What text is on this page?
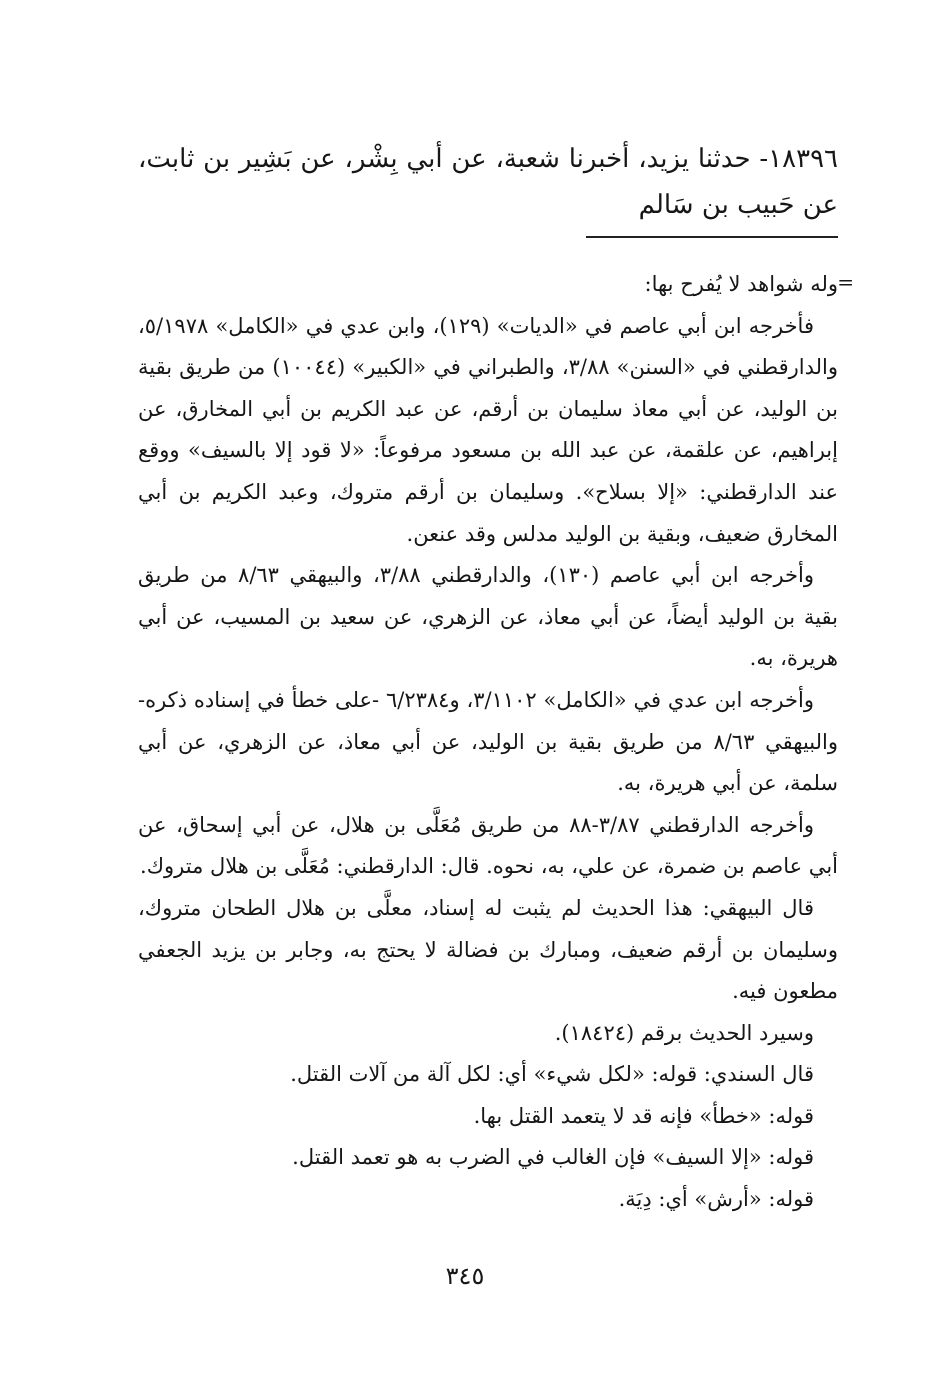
١٨٣٩٦- حدثنا يزيد، أخبرنا شعبة، عن أبي بِشْر، عن بَشِير بن ثابت، عن حَبيب بن سَالم
=

وله شواهد لا يُفرح بها:

فأخرجه ابن أبي عاصم في «الديات» (١٢٩)، وابن عدي في «الكامل» ٥/١٩٧٨، والدارقطني في «السنن» ٣/٨٨، والطبراني في «الكبير» (١٠٠٤٤) من طريق بقية بن الوليد، عن أبي معاذ سليمان بن أرقم، عن عبد الكريم بن أبي المخارق، عن إبراهيم، عن علقمة، عن عبد الله بن مسعود مرفوعاً: «لا قود إلا بالسيف» ووقع عند الدارقطني: «إلا بسلاح». وسليمان بن أرقم متروك، وعبد الكريم بن أبي المخارق ضعيف، وبقية بن الوليد مدلس وقد عنعن.

وأخرجه ابن أبي عاصم (١٣٠)، والدارقطني ٣/٨٨، والبيهقي ٨/٦٣ من طريق بقية بن الوليد أيضاً، عن أبي معاذ، عن الزهري، عن سعيد بن المسيب، عن أبي هريرة، به.

وأخرجه ابن عدي في «الكامل» ٣/١١٠٢، و٦/٢٣٨٤ -على خطأ في إسناده ذكره- والبيهقي ٨/٦٣ من طريق بقية بن الوليد، عن أبي معاذ، عن الزهري، عن أبي سلمة، عن أبي هريرة، به.

وأخرجه الدارقطني ٣/٨٧-٨٨ من طريق مُعَلَّى بن هلال، عن أبي إسحاق، عن أبي عاصم بن ضمرة، عن علي، به، نحوه. قال: الدارقطني: مُعَلَّى بن هلال متروك.

قال البيهقي: هذا الحديث لم يثبت له إسناد، معلَّى بن هلال الطحان متروك، وسليمان بن أرقم ضعيف، ومبارك بن فضالة لا يحتج به، وجابر بن يزيد الجعفي مطعون فيه.

وسيرد الحديث برقم (١٨٤٢٤).

قال السندي: قوله: «لكل شيء» أي: لكل آلة من آلات القتل.

قوله: «خطأ» فإنه قد لا يتعمد القتل بها.

قوله: «إلا السيف» فإن الغالب في الضرب به هو تعمد القتل.

قوله: «أرش» أي: دِيَة.

٣٤٥
